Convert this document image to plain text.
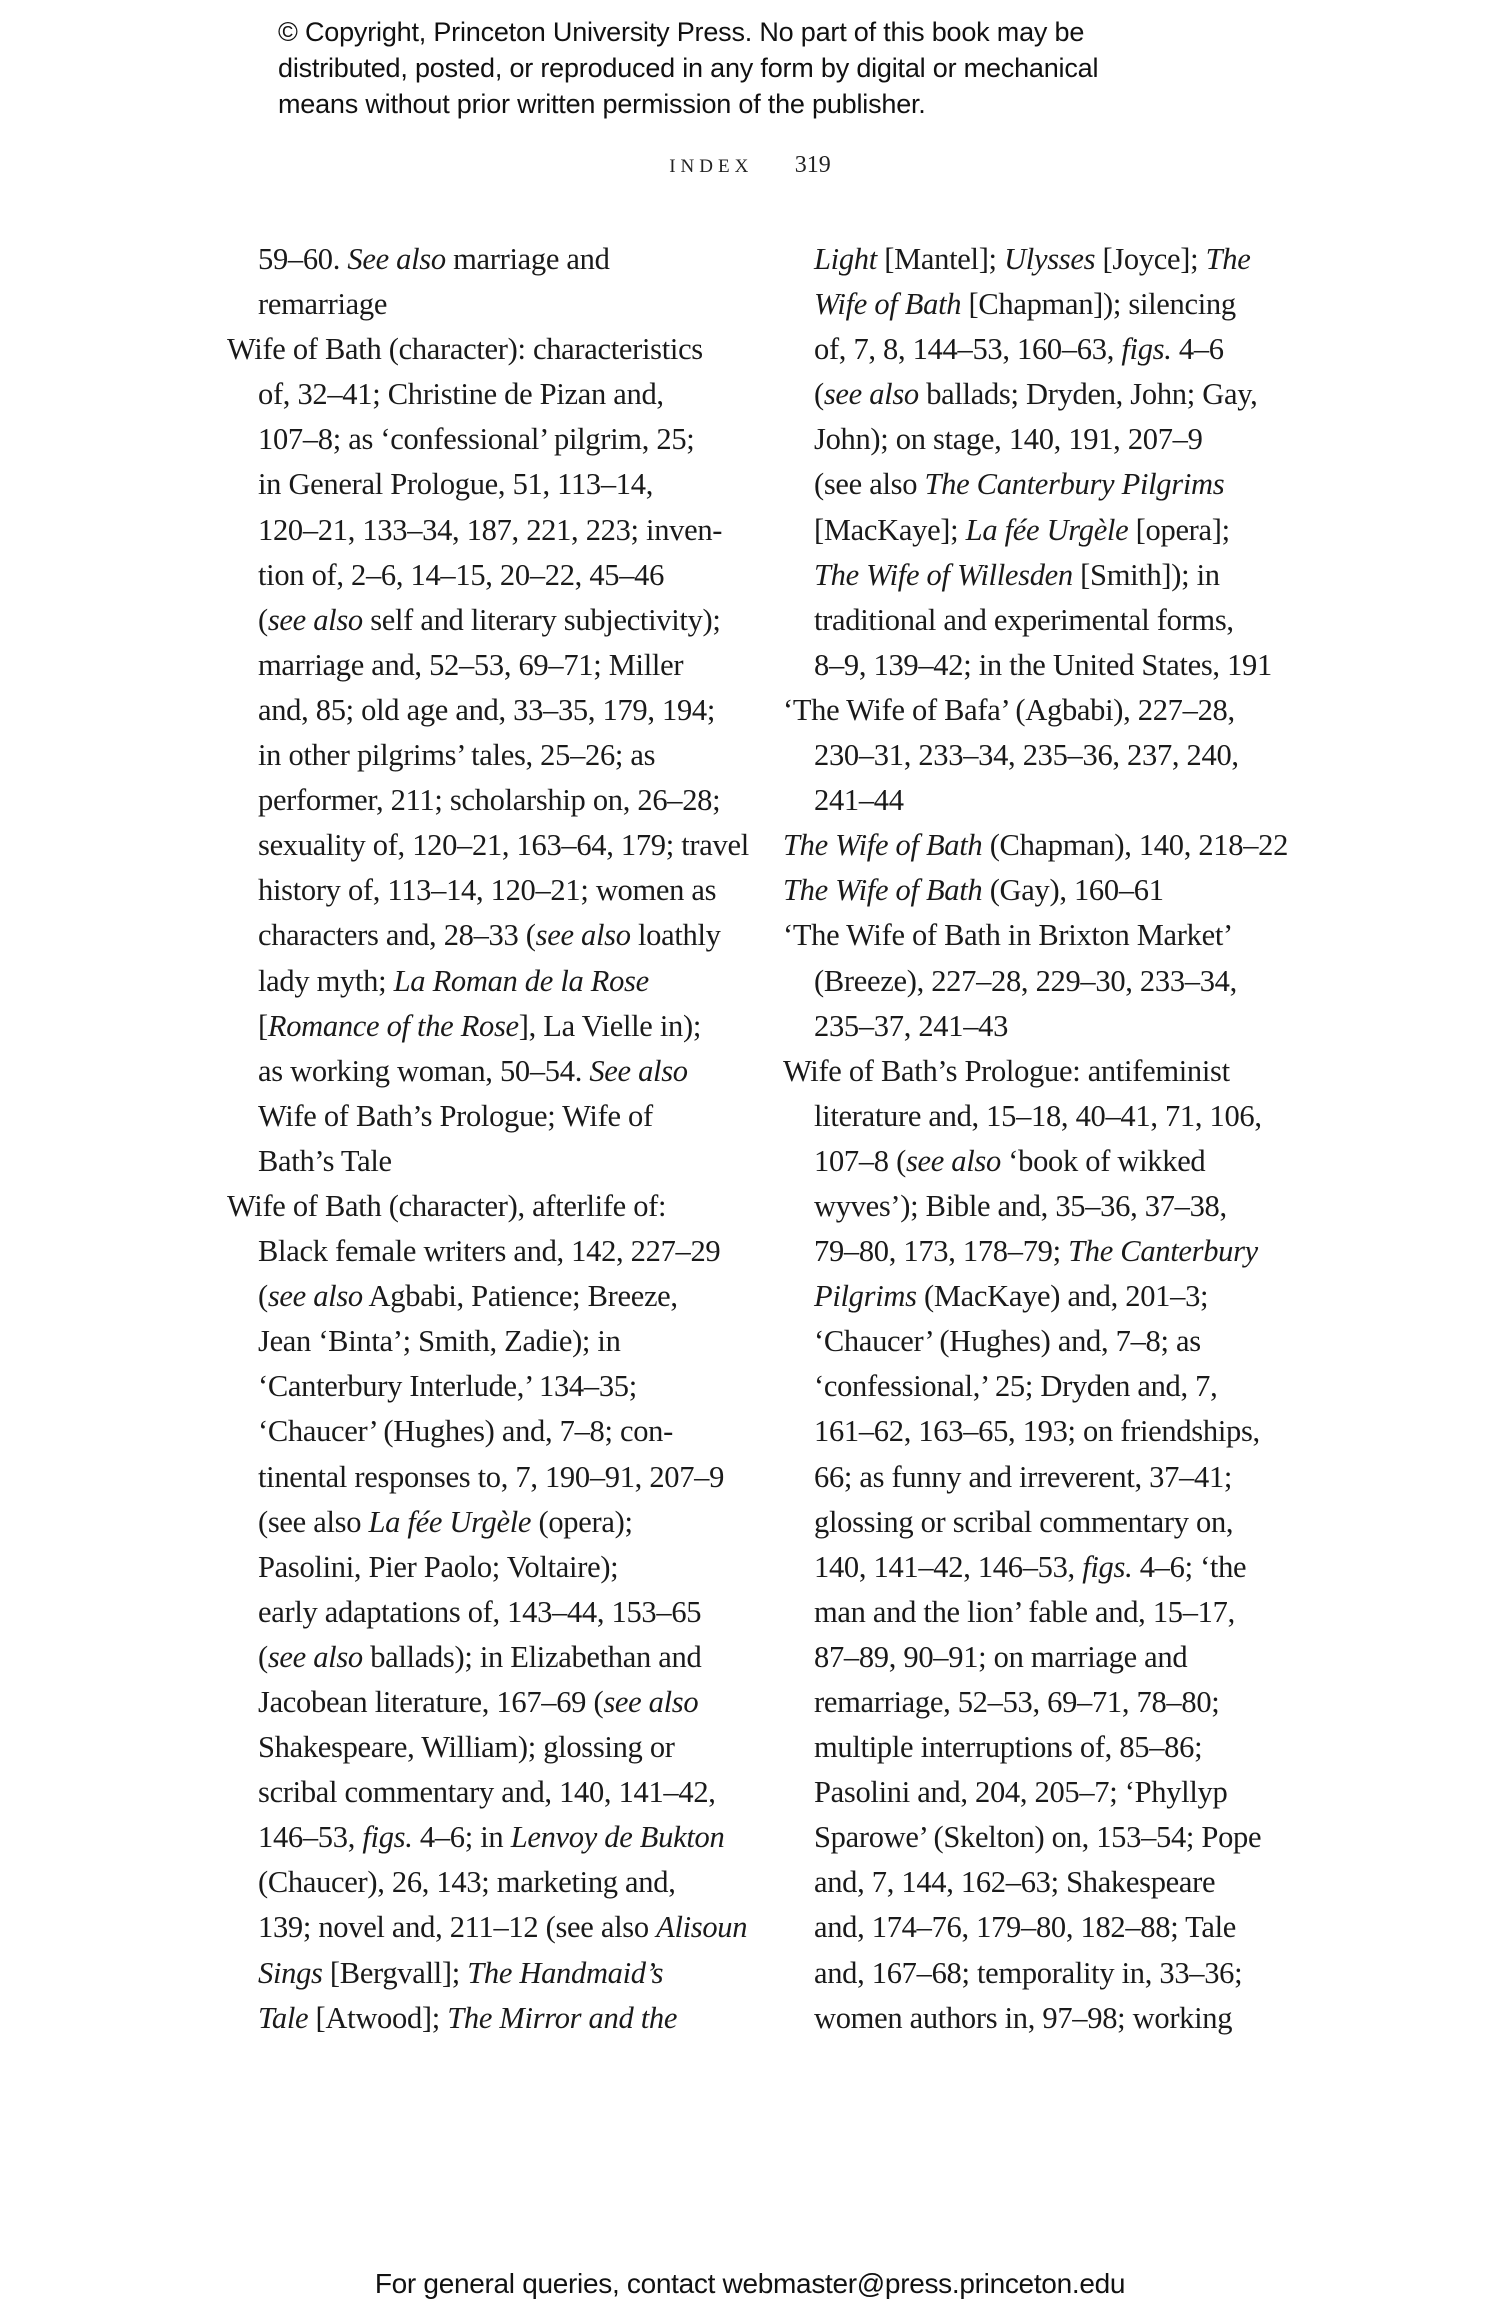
© Copyright, Princeton University Press. No part of this book may be
distributed, posted, or reproduced in any form by digital or mechanical
means without prior written permission of the publisher.
INDEX 319
59–60. See also marriage and
remarriage
Wife of Bath (character): characteristics
of, 32–41; Christine de Pizan and,
107–8; as ‘confessional’ pilgrim, 25;
in General Prologue, 51, 113–14,
120–21, 133–34, 187, 221, 223; inven-
tion of, 2–6, 14–15, 20–22, 45–46
(see also self and literary subjectivity);
marriage and, 52–53, 69–71; Miller
and, 85; old age and, 33–35, 179, 194;
in other pilgrims’ tales, 25–26; as
performer, 211; scholarship on, 26–28;
sexuality of, 120–21, 163–64, 179; travel
history of, 113–14, 120–21; women as
characters and, 28–33 (see also loathly
lady myth; La Roman de la Rose
[Romance of the Rose], La Vielle in);
as working woman, 50–54. See also
Wife of Bath’s Prologue; Wife of
Bath’s Tale
Wife of Bath (character), afterlife of:
Black female writers and, 142, 227–29
(see also Agbabi, Patience; Breeze,
Jean ‘Binta’; Smith, Zadie); in
‘Canterbury Interlude,’ 134–35;
‘Chaucer’ (Hughes) and, 7–8; con-
tinental responses to, 7, 190–91, 207–9
(see also La fée Urgèle (opera);
Pasolini, Pier Paolo; Voltaire);
early adaptations of, 143–44, 153–65
(see also ballads); in Elizabethan and
Jacobean literature, 167–69 (see also
Shakespeare, William); glossing or
scribal commentary and, 140, 141–42,
146–53, figs. 4–6; in Lenvoy de Bukton
(Chaucer), 26, 143; marketing and,
139; novel and, 211–12 (see also Alisoun
Sings [Bergvall]; The Handmaid’s
Tale [Atwood]; The Mirror and the
Light [Mantel]; Ulysses [Joyce]; The
Wife of Bath [Chapman]); silencing
of, 7, 8, 144–53, 160–63, figs. 4–6
(see also ballads; Dryden, John; Gay,
John); on stage, 140, 191, 207–9
(see also The Canterbury Pilgrims
[MacKaye]; La fée Urgèle [opera];
The Wife of Willesden [Smith]); in
traditional and experimental forms,
8–9, 139–42; in the United States, 191
‘The Wife of Bafa’ (Agbabi), 227–28,
230–31, 233–34, 235–36, 237, 240,
241–44
The Wife of Bath (Chapman), 140, 218–22
The Wife of Bath (Gay), 160–61
‘The Wife of Bath in Brixton Market’
(Breeze), 227–28, 229–30, 233–34,
235–37, 241–43
Wife of Bath’s Prologue: antifeminist
literature and, 15–18, 40–41, 71, 106,
107–8 (see also ‘book of wikked
wyves’); Bible and, 35–36, 37–38,
79–80, 173, 178–79; The Canterbury
Pilgrims (MacKaye) and, 201–3;
‘Chaucer’ (Hughes) and, 7–8; as
‘confessional,’ 25; Dryden and, 7,
161–62, 163–65, 193; on friendships,
66; as funny and irreverent, 37–41;
glossing or scribal commentary on,
140, 141–42, 146–53, figs. 4–6; ‘the
man and the lion’ fable and, 15–17,
87–89, 90–91; on marriage and
remarriage, 52–53, 69–71, 78–80;
multiple interruptions of, 85–86;
Pasolini and, 204, 205–7; ‘Phyllyp
Sparowe’ (Skelton) on, 153–54; Pope
and, 7, 144, 162–63; Shakespeare
and, 174–76, 179–80, 182–88; Tale
and, 167–68; temporality in, 33–36;
women authors in, 97–98; working
For general queries, contact webmaster@press.princeton.edu
